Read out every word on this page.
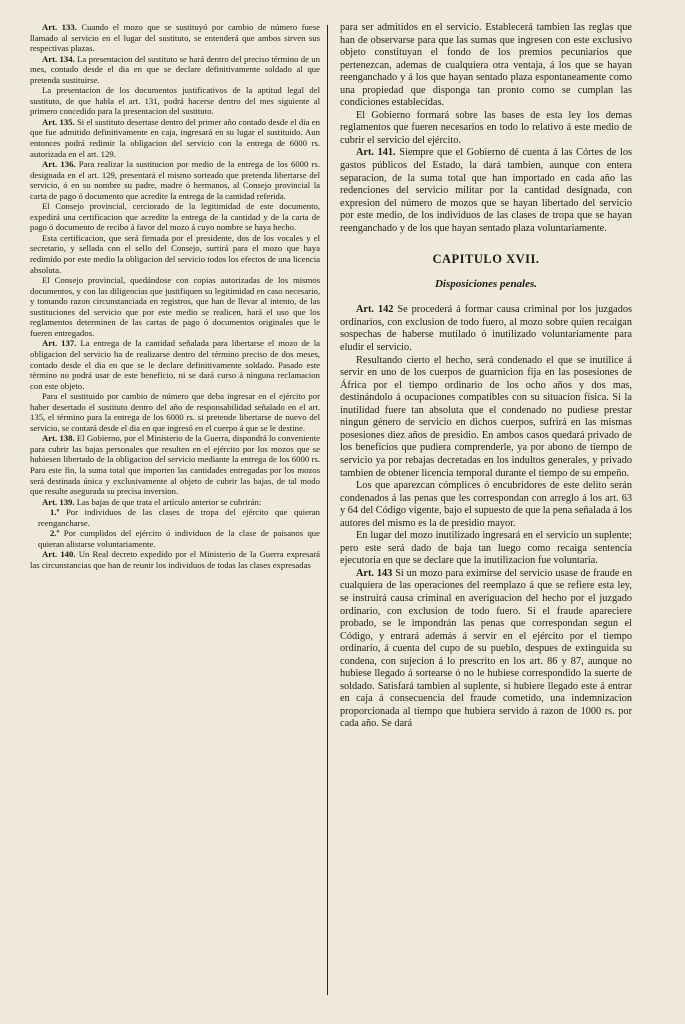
Art. 133. Cuando el mozo que se sustituyó por cambio de número fuese llamado al servicio en el lugar del sustituto, se entenderá que ambos sirven sus respectivas plazas.

Art. 134. La presentacion del sustituto se hará dentro del preciso término de un mes, contado desde el dia en que se declare definitivamente soldado al que pretenda sustituirse.

La presentacion de los documentos justificativos de la aptitud legal del sustituto, de que habla el art. 131, podrá hacerse dentro del mes siguiente al primero concedido para la presentacion del sustituto.

Art. 135. Si el sustituto desertase dentro del primer año contado desde el dia en que fue admitido definitivamente en caja, ingresará en su lugar el sustituido. Aun entonces podrá redimir la obligacion del servicio con la entrega de 6000 rs. autorizada en el art. 129.

Art. 136. Para realizar la sustitucion por medio de la entrega de los 6000 rs. designada en el art. 129, presentará el mismo sorteado que pretenda libertarse del servicio, ó en su nombre su padre, madre ó hermanos, al Consejo provincial la carta de pago ó documento que acredite la entrega de la cantidad referida.

El Consejo provincial, cerciorado de la legitimidad de este documento, expedirá una certificacion que acredite la entrega de la cantidad y de la carta de pago ó documento de recibo á favor del mozo á cuyo nombre se haya hecho.

Esta certificacion, que será firmada por el presidente, dos de los vocales y el secretario, y sellada con el sello del Consejo, surtirá para el mozo que haya redimido por este medio la obligacion del servicio todos los efectos de una licencia absoluta.

El Consejo provincial, quedándose con copias autorizadas de los mismos documentos, y con las diligencias que justifiquen su legitimidad en caso necesario, y tomando razon circunstanciada en registros, que han de llevar al intento, de las sustituciones del servicio que por este medio se realicen, hará el uso que los reglamentos determinen de las cartas de pago ó documentos originales que le fueren entregados.

Art. 137. La entrega de la cantidad señalada para libertarse el mozo de la obligacion del servicio ha de realizarse dentro del término preciso de dos meses, contado desde el dia en que se le declare definitivamente soldado. Pasado este término no podrá usar de este beneficio, ni se dará curso á ninguna reclamacion con este objeto.

Para el sustituido por cambio de número que deba ingresar en el ejército por haber desertado el sustituto dentro del año de responsabilidad señalado en el art. 135, el término para la entrega de los 6000 rs. si pretende libertarse de nuevo del servicio, se contará desde el dia en que ingresó en el cuerpo á que se le destine.

Art. 138. El Gobierno, por el Ministerio de la Guerra, dispondrá lo conveniente para cubrir las bajas personales que resulten en el ejército por los mozos que se hubiesen libertado de la obligacion del servicio mediante la entrega de los 6000 rs. Para este fin, la suma total que importen las cantidades entregadas por los mozos será destinada única y exclusivamente al objeto de cubrir las bajas, de tal modo que resulte asegurada su precisa inversion.

Art. 139. Las bajas de que trata el artículo anterior se cubrirán:

1.º Por individuos de las clases de tropa del ejército que quieran reengancharse.

2.º Por cumplidos del ejército ó individuos de la clase de paisanos que quieran alistarse voluntariamente.

Art. 140. Un Real decreto expedido por el Ministerio de la Guerra expresará las circunstancias que han de reunir los individuos de todas las clases expresadas

para ser admitidos en el servicio. Establecerá tambien las reglas que han de observarse para que las sumas que ingresen con este exclusivo objeto constituyan el fondo de los premios pecuniarios que pertenezcan, ademas de cualquiera otra ventaja, á los que se hayan reenganchado y á los que hayan sentado plaza espontaneamente como una propiedad que disponga tan pronto como se cumplan las condiciones establecidas.

El Gobierno formará sobre las bases de esta ley los demas reglamentos que fueren necesarios en todo lo relativo á este medio de cubrir el servicio del ejército.

Art. 141. Siempre que el Gobierno dé cuenta á las Córtes de los gastos públicos del Estado, la dará tambien, aunque con entera separacion, de la suma total que han importado en cada año las redenciones del servicio militar por la cantidad designada, con expresion del número de mozos que se hayan libertado del servicio por este medio, de los individuos de las clases de tropa que se hayan reenganchado y de los que hayan sentado plaza voluntariamente.

CAPITULO XVII.

Disposiciones penales.

Art. 142 Se procederá á formar causa criminal por los juzgados ordinarios, con exclusion de todo fuero, al mozo sobre quien recaigan sospechas de haberse mutilado ó inutilizado voluntariamente para eludir el servicio.

Resultando cierto el hecho, será condenado el que se inutilice á servir en uno de los cuerpos de guarnicion fija en las posesiones de África por el tiempo ordinario de los ocho años y dos mas, destinándolo á ocupaciones compatibles con su situacion física. Si la inutilidad fuere tan absoluta que el condenado no pudiese prestar ningun género de servicio en dichos cuerpos, sufrirá en las mismas posesiones diez años de presidio. En ambos casos quedará privado de los beneficios que pudiera comprenderle, ya por abono de tiempo de servicio ya por rebajas decretadas en los indultos generales, y privado tambien de obtener licencia temporal durante el tiempo de su empeño.

Los que aparezcan cómplices ó encubridores de este delito serán condenados á las penas que les correspondan con arreglo á los art. 63 y 64 del Código vigente, bajo el supuesto de que la pena señalada á los autores del mismo es la de presidio mayor.

En lugar del mozo inutilizado ingresará en el servicio un suplente; pero este será dado de baja tan luego como recaiga sentencia ejecutoria en que se declare que la inutilizacion fue voluntaria.

Art. 143 Si un mozo para eximirse del servicio usase de fraude en cualquiera de las operaciones del reemplazo á que se refiere esta ley, se instruirá causa criminal en averiguacion del hecho por el juzgado ordinario, con exclusion de todo fuero. Si el fraude apareciere probado, se le impondrán las penas que correspondan segun el Código, y entrará además á servir en el ejército por el tiempo ordinario, á cuenta del cupo de su pueblo, despues de extinguida su condena, con sujecion á lo prescrito en los art. 86 y 87, aunque no hubiese llegado á sortearse ó no le hubiese correspondido la suerte de soldado. Satisfará tambien al suplente, si hubiere llegado este á entrar en caja á consecuencia del fraude cometido, una indemnizacion proporcionada al tiempo que hubiera servido á razon de 1000 rs. por cada año. Se dará
